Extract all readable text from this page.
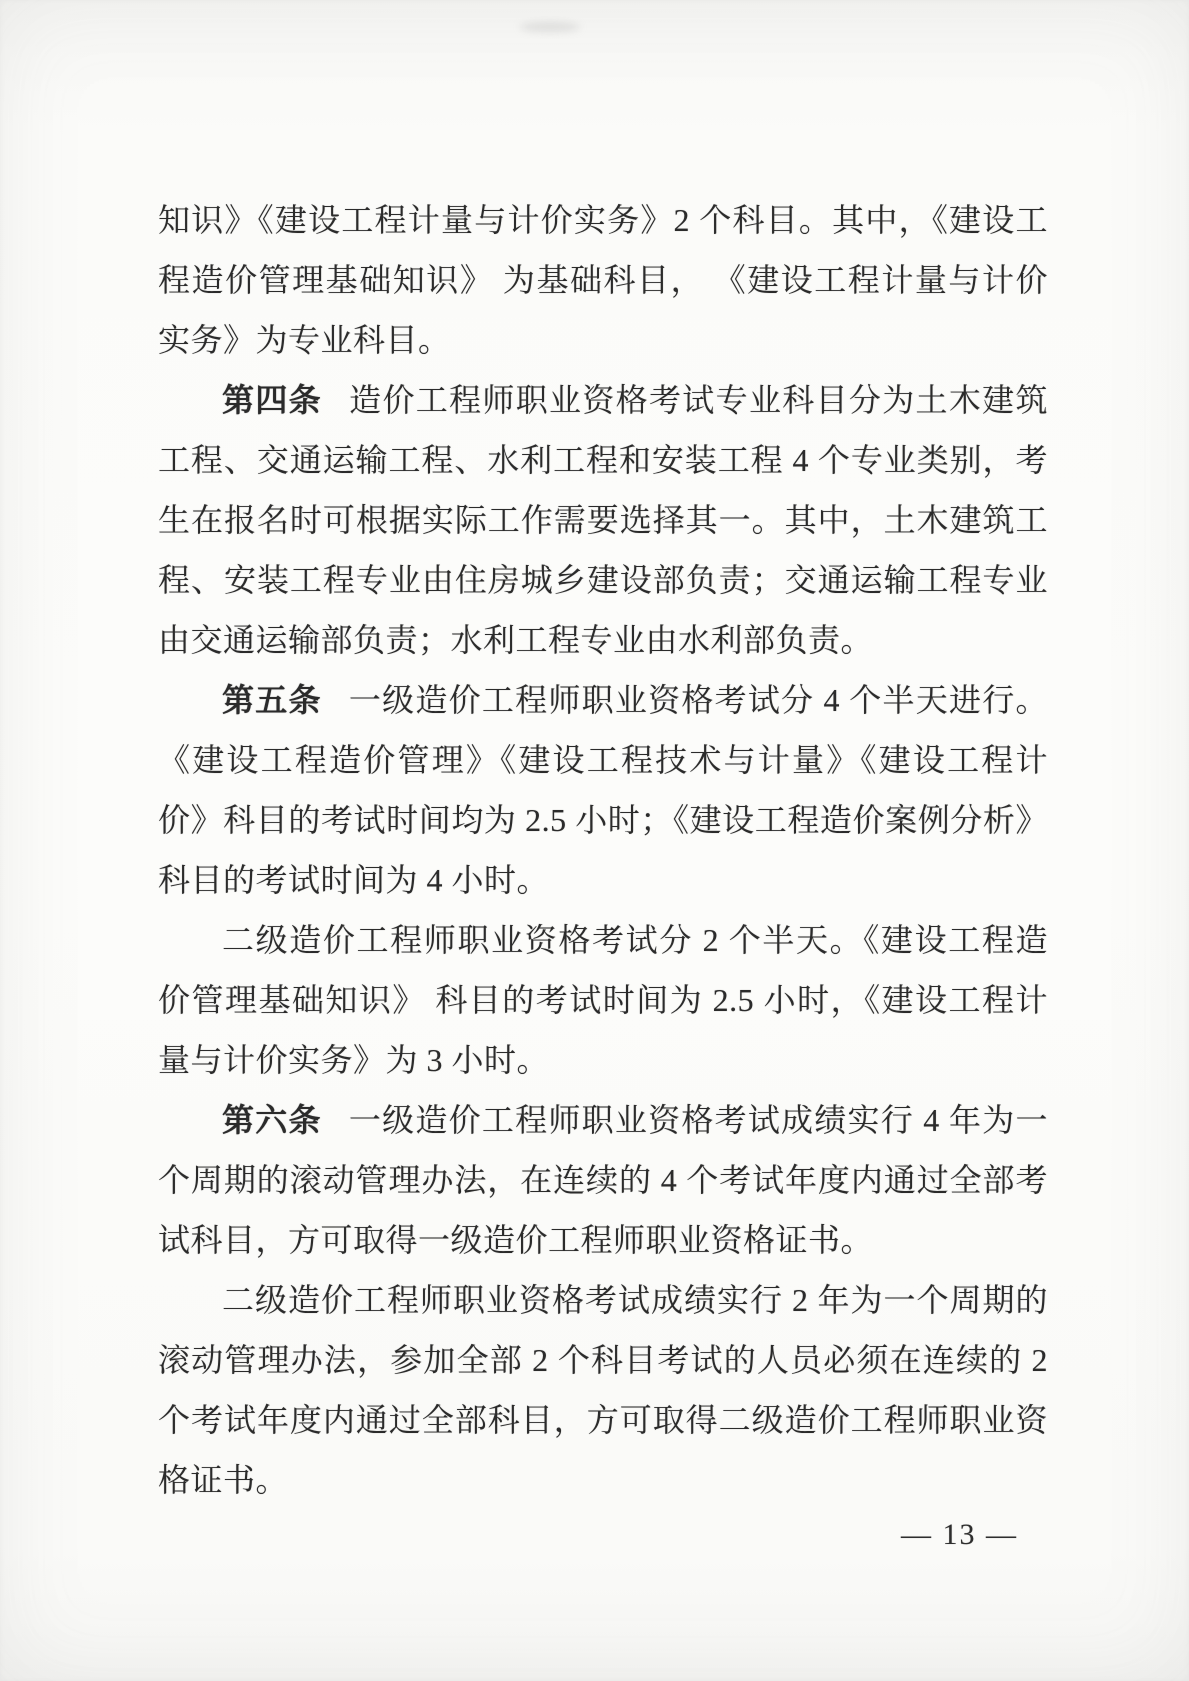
知识》《建设工程计量与计价实务》2 个科目。其中，《建设工程造价管理基础知识》 为基础科目， 《建设工程计量与计价实务》为专业科目。

第四条 造价工程师职业资格考试专业科目分为土木建筑工程、交通运输工程、水利工程和安装工程 4 个专业类别，考生在报名时可根据实际工作需要选择其一。其中，土木建筑工程、安装工程专业由住房城乡建设部负责；交通运输工程专业由交通运输部负责；水利工程专业由水利部负责。

第五条 一级造价工程师职业资格考试分 4 个半天进行。《建设工程造价管理》《建设工程技术与计量》《建设工程计价》科目的考试时间均为 2.5 小时；《建设工程造价案例分析》 科目的考试时间为 4 小时。

二级造价工程师职业资格考试分 2 个半天。《建设工程造价管理基础知识》 科目的考试时间为 2.5 小时，《建设工程计量与计价实务》为 3 小时。

第六条 一级造价工程师职业资格考试成绩实行 4 年为一个周期的滚动管理办法，在连续的 4 个考试年度内通过全部考试科目，方可取得一级造价工程师职业资格证书。

二级造价工程师职业资格考试成绩实行 2 年为一个周期的滚动管理办法，参加全部 2 个科目考试的人员必须在连续的 2 个考试年度内通过全部科目，方可取得二级造价工程师职业资格证书。

— 13 —
